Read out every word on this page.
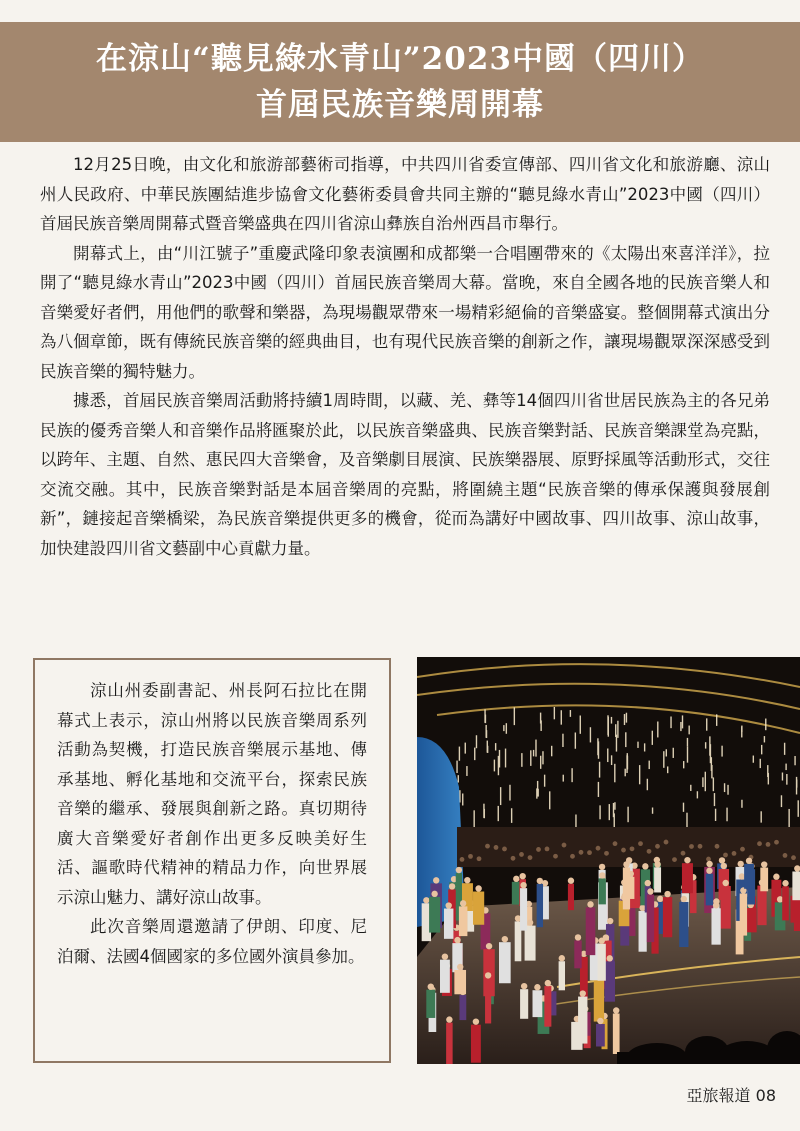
在涼山“聽見綠水青山”2023中國（四川）
首屆民族音樂周開幕

12月25日晚，由文化和旅游部藝術司指導，中共四川省委宣傳部、四川省文化和旅游廳、涼山州人民政府、中華民族團結進步協會文化藝術委員會共同主辦的“聽見綠水青山”2023中國（四川）首屆民族音樂周開幕式暨音樂盛典在四川省涼山彝族自治州西昌市舉行。

開幕式上，由“川江號子”重慶武隆印象表演團和成都樂一合唱團帶來的《太陽出來喜洋洋》，拉開了“聽見綠水青山”2023中國（四川）首屆民族音樂周大幕。當晚，來自全國各地的民族音樂人和音樂愛好者們，用他們的歌聲和樂器，為現場觀眾帶來一場精彩絕倫的音樂盛宴。整個開幕式演出分為八個章節，既有傳統民族音樂的經典曲目，也有現代民族音樂的創新之作，讓現場觀眾深深感受到民族音樂的獨特魅力。

據悉，首屆民族音樂周活動將持續1周時間，以藏、羌、彝等14個四川省世居民族為主的各兄弟民族的優秀音樂人和音樂作品將匯聚於此，以民族音樂盛典、民族音樂對話、民族音樂課堂為亮點，以跨年、主題、自然、惠民四大音樂會，及音樂劇目展演、民族樂器展、原野採風等活動形式，交往交流交融。其中，民族音樂對話是本屆音樂周的亮點，將圍繞主題“民族音樂的傳承保護與發展創新”，鏈接起音樂橋梁，為民族音樂提供更多的機會，從而為講好中國故事、四川故事、涼山故事，加快建設四川省文藝副中心貢獻力量。

涼山州委副書記、州長阿石拉比在開幕式上表示，涼山州將以民族音樂周系列活動為契機，打造民族音樂展示基地、傳承基地、孵化基地和交流平台，探索民族音樂的繼承、發展與創新之路。真切期待廣大音樂愛好者創作出更多反映美好生活、謳歌時代精神的精品力作，向世界展示涼山魅力、講好涼山故事。

此次音樂周還邀請了伊朗、印度、尼泊爾、法國4個國家的多位國外演員參加。

亞旅報道 08
